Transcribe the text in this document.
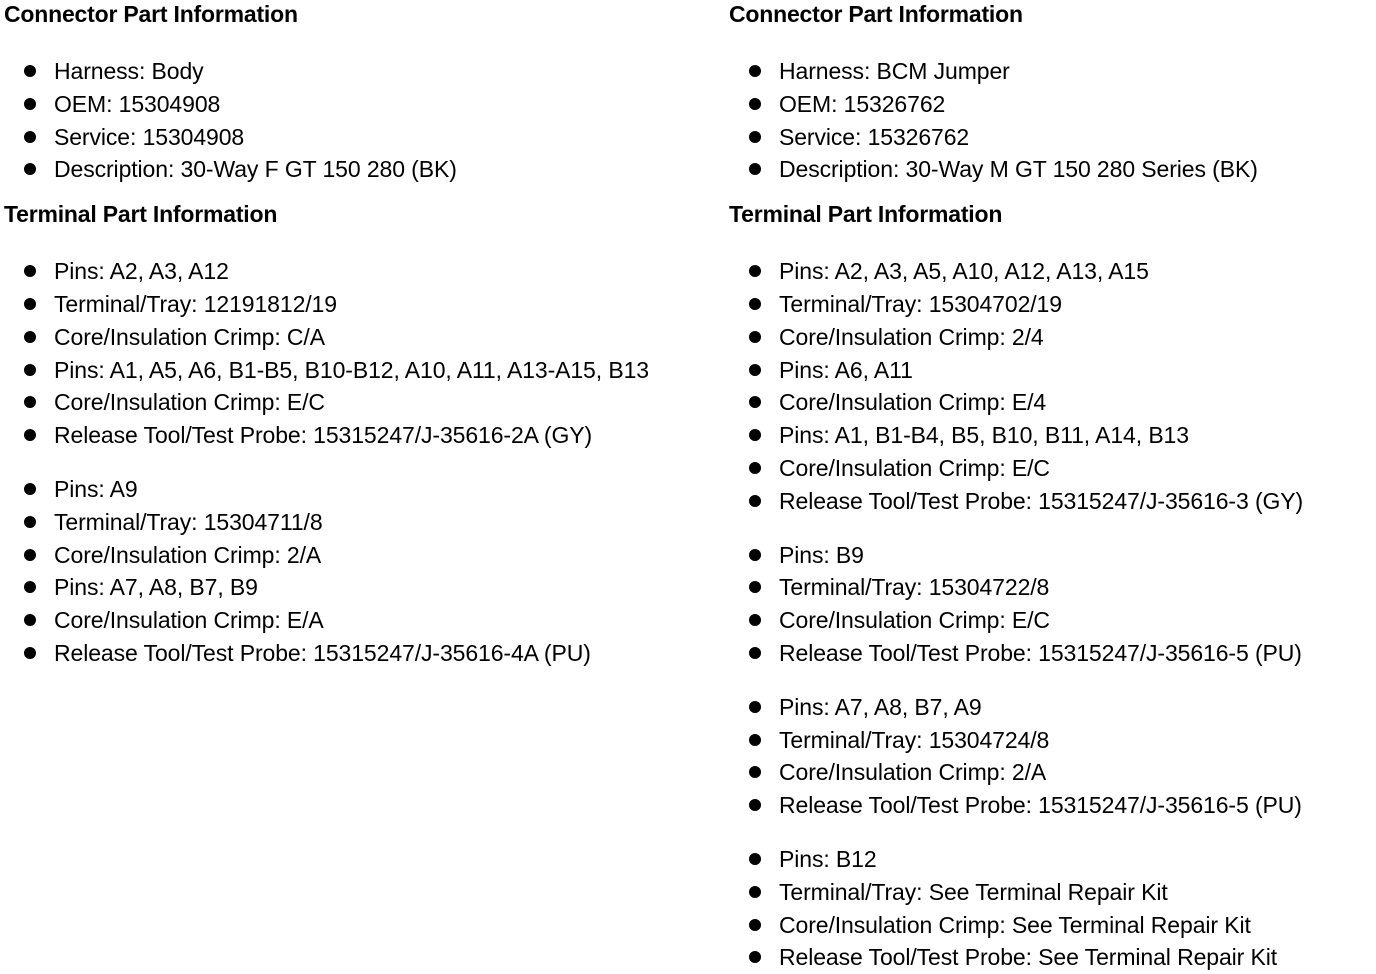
Connector Part Information
Harness: Body
OEM: 15304908
Service: 15304908
Description: 30-Way F GT 150 280 (BK)
Terminal Part Information
Pins: A2, A3, A12
Terminal/Tray: 12191812/19
Core/Insulation Crimp: C/A
Pins: A1, A5, A6, B1-B5, B10-B12, A10, A11, A13-A15, B13
Core/Insulation Crimp: E/C
Release Tool/Test Probe: 15315247/J-35616-2A (GY)
Pins: A9
Terminal/Tray: 15304711/8
Core/Insulation Crimp: 2/A
Pins: A7, A8, B7, B9
Core/Insulation Crimp: E/A
Release Tool/Test Probe: 15315247/J-35616-4A (PU)
Connector Part Information
Harness: BCM Jumper
OEM: 15326762
Service: 15326762
Description: 30-Way M GT 150 280 Series (BK)
Terminal Part Information
Pins: A2, A3, A5, A10, A12, A13, A15
Terminal/Tray: 15304702/19
Core/Insulation Crimp: 2/4
Pins: A6, A11
Core/Insulation Crimp: E/4
Pins: A1, B1-B4, B5, B10, B11, A14, B13
Core/Insulation Crimp: E/C
Release Tool/Test Probe: 15315247/J-35616-3 (GY)
Pins: B9
Terminal/Tray: 15304722/8
Core/Insulation Crimp: E/C
Release Tool/Test Probe: 15315247/J-35616-5 (PU)
Pins: A7, A8, B7, A9
Terminal/Tray: 15304724/8
Core/Insulation Crimp: 2/A
Release Tool/Test Probe: 15315247/J-35616-5 (PU)
Pins: B12
Terminal/Tray: See Terminal Repair Kit
Core/Insulation Crimp: See Terminal Repair Kit
Release Tool/Test Probe: See Terminal Repair Kit
